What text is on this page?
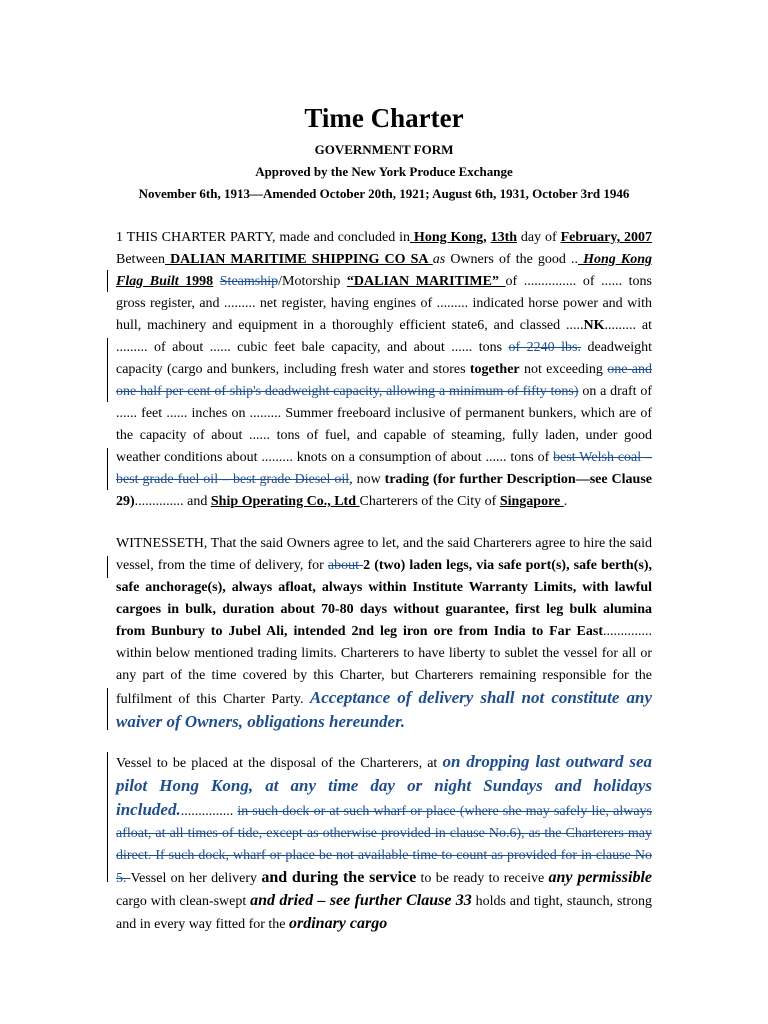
Time Charter

GOVERNMENT FORM

Approved by the New York Produce Exchange

November 6th, 1913—Amended October 20th, 1921; August 6th, 1931, October 3rd 1946

1 THIS CHARTER PARTY, made and concluded in Hong Kong, 13th day of February, 2007 Between DALIAN MARITIME SHIPPING CO SA as Owners of the good .. Hong Kong Flag Built 1998 Steamship/Motorship “DALIAN MARITIME” of ............... of ...... tons gross register, and ......... net register, having engines of ......... indicated horse power and with hull, machinery and equipment in a thoroughly efficient state6, and classed .....NK......... at ......... of about ...... cubic feet bale capacity, and about ...... tons of 2240 lbs. deadweight capacity (cargo and bunkers, including fresh water and stores together not exceeding one and one half per cent of ship's deadweight capacity, allowing a minimum of fifty tons) on a draft of ...... feet ...... inches on ......... Summer freeboard inclusive of permanent bunkers, which are of the capacity of about ...... tons of fuel, and capable of steaming, fully laden, under good weather conditions about ......... knots on a consumption of about ...... tons of best Welsh coal – best grade fuel oil – best grade Diesel oil, now trading (for further Description—see Clause 29).............. and Ship Operating Co., Ltd Charterers of the City of Singapore .

WITNESSETH, That the said Owners agree to let, and the said Charterers agree to hire the said vessel, from the time of delivery, for about 2 (two) laden legs, via safe port(s), safe berth(s), safe anchorage(s), always afloat, always within Institute Warranty Limits, with lawful cargoes in bulk, duration about 70-80 days without guarantee, first leg bulk alumina from Bunbury to Jubel Ali, intended 2nd leg iron ore from India to Far East.............. within below mentioned trading limits. Charterers to have liberty to sublet the vessel for all or any part of the time covered by this Charter, but Charterers remaining responsible for the fulfilment of this Charter Party. Acceptance of delivery shall not constitute any waiver of Owners, obligations hereunder.

Vessel to be placed at the disposal of the Charterers, at on dropping last outward sea pilot Hong Kong, at any time day or night Sundays and holidays included................ in such dock or at such wharf or place (where she may safely lie, always afloat, at all times of tide, except as otherwise provided in clause No.6), as the Charterers may direct. If such dock, wharf or place be not available time to count as provided for in clause No 5. Vessel on her delivery and during the service to be ready to receive any permissible cargo with clean-swept and dried – see further Clause 33 holds and tight, staunch, strong and in every way fitted for the ordinary cargo
